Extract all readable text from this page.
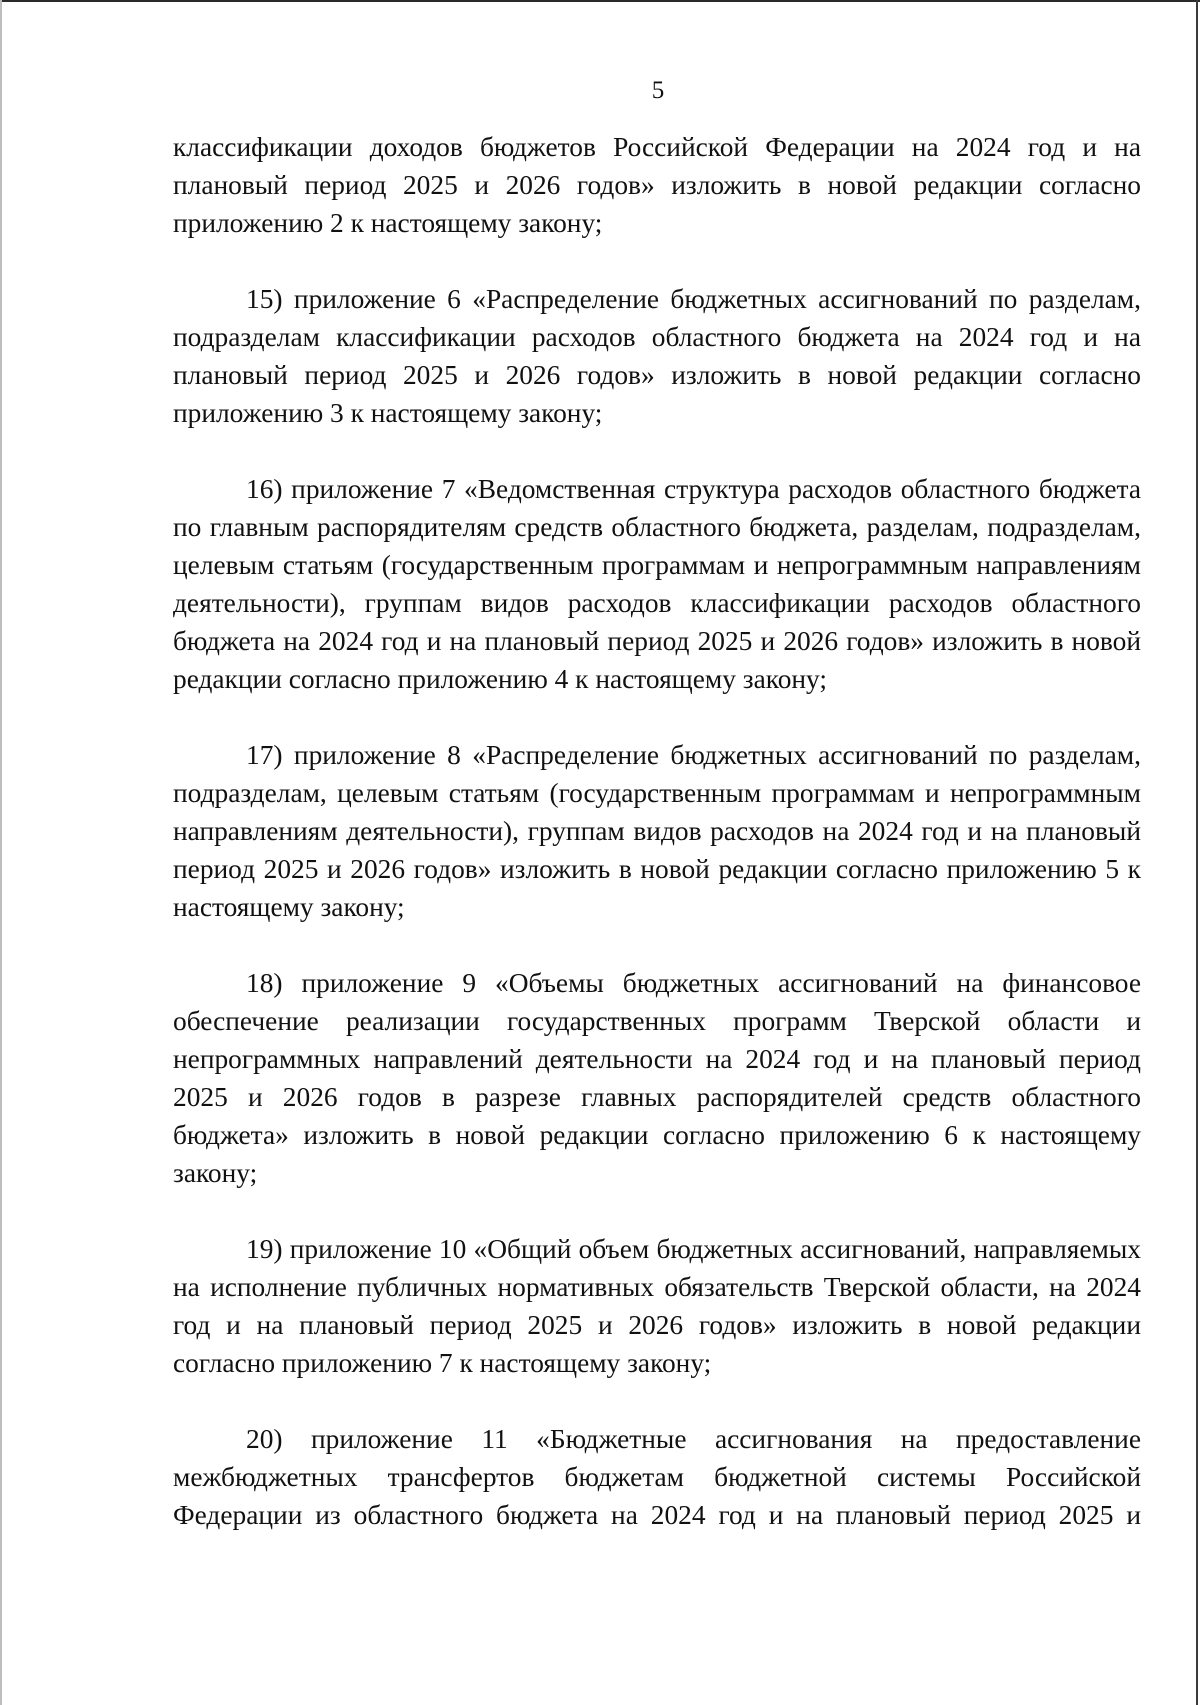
5

классификации доходов бюджетов Российской Федерации на 2024 год и на плановый период 2025 и 2026 годов» изложить в новой редакции согласно приложению 2 к настоящему закону;

15) приложение 6 «Распределение бюджетных ассигнований по разделам, подразделам классификации расходов областного бюджета на 2024 год и на плановый период 2025 и 2026 годов» изложить в новой редакции согласно приложению 3 к настоящему закону;

16) приложение 7 «Ведомственная структура расходов областного бюджета по главным распорядителям средств областного бюджета, разделам, подразделам, целевым статьям (государственным программам и непрограммным направлениям деятельности), группам видов расходов классификации расходов областного бюджета на 2024 год и на плановый период 2025 и 2026 годов» изложить в новой редакции согласно приложению 4 к настоящему закону;

17) приложение 8 «Распределение бюджетных ассигнований по разделам, подразделам, целевым статьям (государственным программам и непрограммным направлениям деятельности), группам видов расходов на 2024 год и на плановый период 2025 и 2026 годов» изложить в новой редакции согласно приложению 5 к настоящему закону;

18) приложение 9 «Объемы бюджетных ассигнований на финансовое обеспечение реализации государственных программ Тверской области и непрограммных направлений деятельности на 2024 год и на плановый период 2025 и 2026 годов в разрезе главных распорядителей средств областного бюджета» изложить в новой редакции согласно приложению 6 к настоящему закону;

19) приложение 10 «Общий объем бюджетных ассигнований, направляемых на исполнение публичных нормативных обязательств Тверской области, на 2024 год и на плановый период 2025 и 2026 годов» изложить в новой редакции согласно приложению 7 к настоящему закону;

20) приложение 11 «Бюджетные ассигнования на предоставление межбюджетных трансфертов бюджетам бюджетной системы Российской Федерации из областного бюджета на 2024 год и на плановый период 2025 и
